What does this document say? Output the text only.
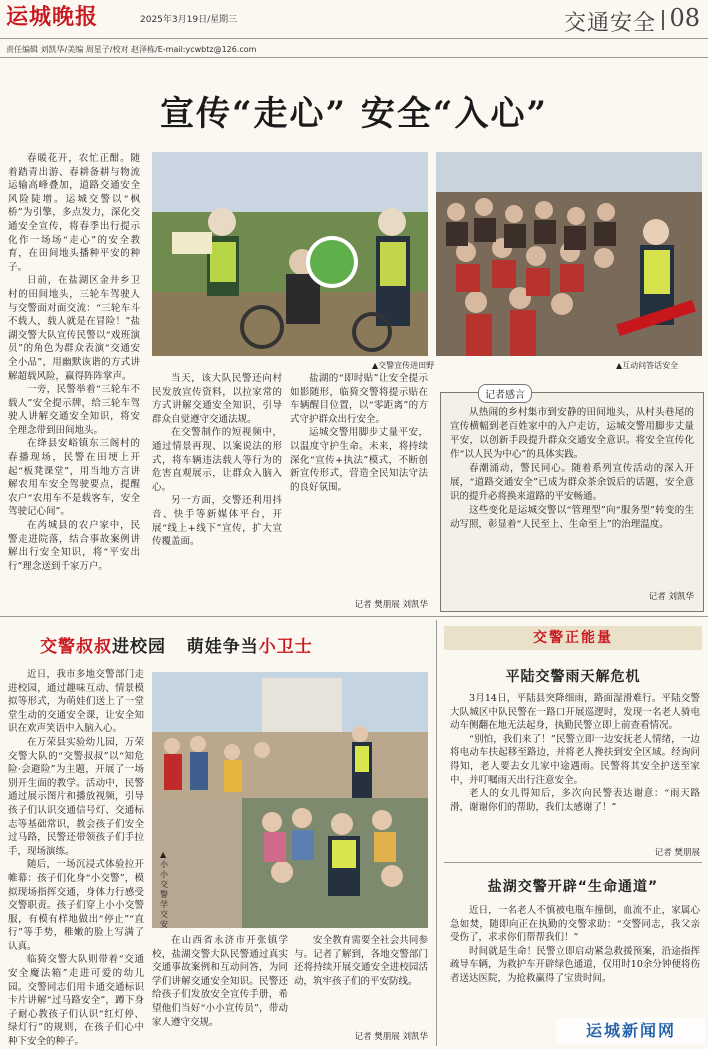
运城晚报	2025年3月19日/星期三	交通安全 08
责任编辑 刘凯华/美编 周星子/校对 赵泽栋/E-mail:ycwbtz@126.com
宣传“走心” 安全“入心”

春暖花开，农忙正酣。随着踏青出游、春耕备耕与物流运输高峰叠加，道路交通安全风险陡增。运城交警以“枫桥”为引擎，多点发力，深化交通安全宣传，将春季出行提示化作一场场“走心”的安全教育，在田间地头播种平安的种子。

日前，在盐湖区金井乡卫村的田间地头，三轮车驾驶人与交警面对面交流：“三轮车斗不载人，载人就是在冒险！”盐湖交警大队宣传民警以“戏班演员”的角色为群众表演“交通安全小品”，用幽默诙谐的方式讲解超载风险，赢得阵阵掌声。

一旁，民警举着“三轮车不载人”安全提示牌，给三轮车驾驶人讲解交通安全知识，将安全理念带到田间地头。

在绛县安峪镇东三阁村的春播现场，民警在田埂上开起“板凳课堂”，用当地方言讲解农用车安全驾驶要点，提醒农户“农用车不是载客车，安全驾驶记心间”。

在芮城县的农户家中，民警走进院落，结合事故案例讲解出行安全知识，将“平安出行”理念送到千家万户。

▲交警宣传进田野	▲互动问答话安全

当天，该大队民警还向村民发放宣传资料，以拉家常的方式讲解交通安全知识，引导群众自觉遵守交通法规。

在交警制作的短视频中，通过情景再现、以案说法的形式，将车辆违法载人等行为的危害直观展示，让群众入脑入心。

另一方面，交警还利用抖音、快手等新媒体平台，开展“线上+线下”宣传，扩大宣传覆盖面。

盐湖的“即时贴”让安全提示如影随形，临猗交警将提示贴在车辆醒目位置，以“零距离”的方式守护群众出行安全。

运城交警用脚步丈量平安，以温度守护生命。未来，将持续深化“宣传+执法”模式，不断创新宣传形式，营造全民知法守法的良好氛围。

记者 樊朋展 刘凯华
记者感言

从热闹的乡村集市到安静的田间地头，从村头巷尾的宣传横幅到老百姓家中的入户走访，运城交警用脚步丈量平安，以创新手段提升群众交通安全意识。将安全宣传化作“以人民为中心”的具体实践。

春潮涌动，警民同心。随着系列宣传活动的深入开展，“道路交通安全”已成为群众茶余饭后的话题，安全意识的提升必将换来道路的平安畅通。

这些变化是运城交警以“管理型”向“服务型”转变的生动写照，彰显着“人民至上、生命至上”的治理温度。

记者 刘凯华
交警叔叔进校园 萌娃争当小卫士

近日，我市多地交警部门走进校园，通过趣味互动、情景模拟等形式，为萌娃们送上了一堂堂生动的交通安全课，让安全知识在欢声笑语中入脑入心。

在万荣县实验幼儿园，万荣交警大队的“交警叔叔”以“知危险·会避险”为主题，开展了一场别开生面的教学。活动中，民警通过展示图片和播放视频，引导孩子们认识交通信号灯、交通标志等基础常识，教会孩子们安全过马路，民警还带领孩子们手拉手，现场演练。

随后，一场沉浸式体验拉开帷幕：孩子们化身“小交警”，模拟现场指挥交通，身体力行感受交警职责。孩子们穿上小小交警服，有模有样地做出“停止”“直行”等手势，稚嫩的脸上写满了认真。

临猗交警大队则带着“交通安全魔法箱”走进可爱的幼儿园。交警同志们用卡通交通标识卡片讲解“过马路安全”，蹲下身子耐心教孩子们认识“红灯停、绿灯行”的规则，在孩子们心中种下安全的种子。

▲小小交警学交安

在山西省永济市开张镇学校，盐湖交警大队民警通过真实交通事故案例和互动问答，为同学们讲解交通安全知识。民警还给孩子们发放安全宣传手册，希望他们当好“小小宣传员”，带动家人遵守交规。

安全教育需要全社会共同参与。记者了解到，各地交警部门还将持续开展交通安全进校园活动，筑牢孩子们的平安防线。

记者 樊朋展 刘凯华
交警正能量
平陆交警雨天解危机

3月14日，平陆县突降细雨，路面湿滑难行。平陆交警大队城区中队民警在一路口开展巡逻时，发现一名老人骑电动车侧翻在地无法起身，执勤民警立即上前查看情况。

“别怕，我们来了！”民警立即一边安抚老人情绪，一边将电动车扶起移至路边，并将老人搀扶到安全区域。经询问得知，老人要去女儿家中途遇雨。民警将其安全护送至家中，并叮嘱雨天出行注意安全。

老人的女儿得知后，多次向民警表达谢意：“雨天路滑，谢谢你们的帮助，我们太感谢了！”

记者 樊朋展
盐湖交警开辟“生命通道”

近日，一名老人不慎被电瓶车撞倒，血流不止，家属心急如焚，随即向正在执勤的交警求助：“交警同志，我父亲受伤了，求求你们帮帮我们！”

时间就是生命！民警立即启动紧急救援预案，沿途指挥疏导车辆，为救护车开辟绿色通道，仅用时10余分钟便将伤者送达医院，为抢救赢得了宝贵时间。

运城新闻网
